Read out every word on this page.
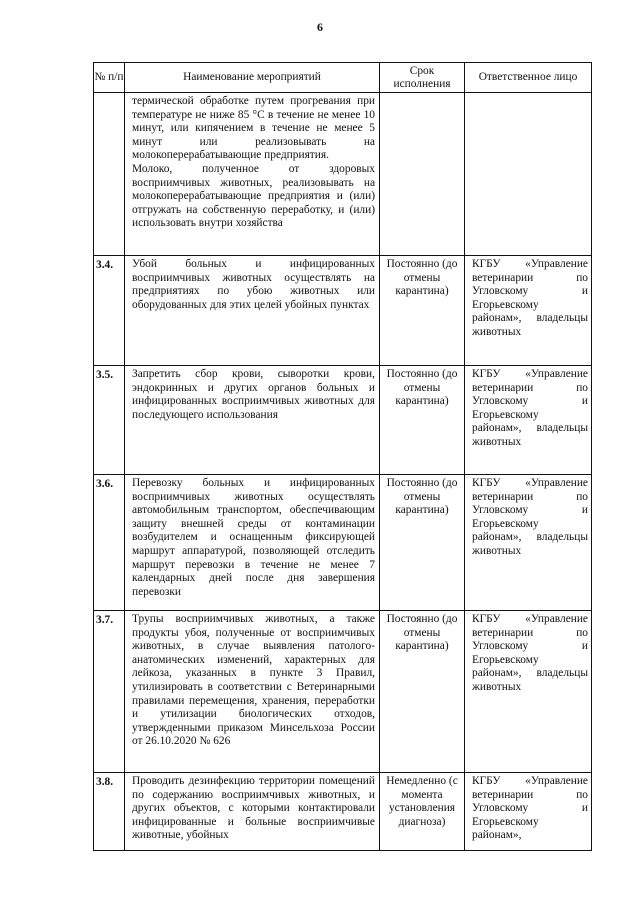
6
№ п/п	Наименование мероприятий	Срок исполнения	Ответственное лицо

	термической обработке путем прогревания при температуре не ниже 85 °С в течение не менее 10 минут, или кипячением в течение не менее 5 минут или реализовывать на молокоперерабатывающие предприятия.

Молоко, полученное от здоровых восприимчивых животных, реализовывать на молокоперерабатывающие предприятия и (или) отгружать на собственную переработку, и (или) использовать внутри хозяйства		

3.4.	Убой больных и инфицированных восприимчивых животных осуществлять на предприятиях по убою животных или оборудованных для этих целей убойных пунктах	Постоянно (до отмены карантина)	КГБУ «Управление ветеринарии по Угловскому и Егорьевскому районам», владельцы животных
3.5.	Запретить сбор крови, сыворотки крови, эндокринных и других органов больных и инфицированных восприимчивых животных для последующего использования	Постоянно (до отмены карантина)	КГБУ «Управление ветеринарии по Угловскому и Егорьевскому районам», владельцы животных
3.6.	Перевозку больных и инфицированных восприимчивых животных осуществлять автомобильным транспортом, обеспечивающим защиту внешней среды от контаминации возбудителем и оснащенным фиксирующей маршрут аппаратурой, позволяющей отследить маршрут перевозки в течение не менее 7 календарных дней после дня завершения перевозки	Постоянно (до отмены карантина)	КГБУ «Управление ветеринарии по Угловскому и Егорьевскому районам», владельцы животных
3.7.	Трупы восприимчивых животных, а также продукты убоя, полученные от восприимчивых животных, в случае выявления патолого-анатомических изменений, характерных для лейкоза, указанных в пункте 3 Правил, утилизировать в соответствии с Ветеринарными правилами перемещения, хранения, переработки и утилизации биологических отходов, утвержденными приказом Минсельхоза России от 26.10.2020 № 626	Постоянно (до отмены карантина)	КГБУ «Управление ветеринарии по Угловскому и Егорьевскому районам», владельцы животных
3.8.	Проводить дезинфекцию территории помещений по содержанию восприимчивых животных, и других объектов, с которыми контактировали инфицированные и больные восприимчивые животные, убойных	Немедленно (с момента установления диагноза)	КГБУ «Управление ветеринарии по Угловскому и Егорьевскому районам»,
